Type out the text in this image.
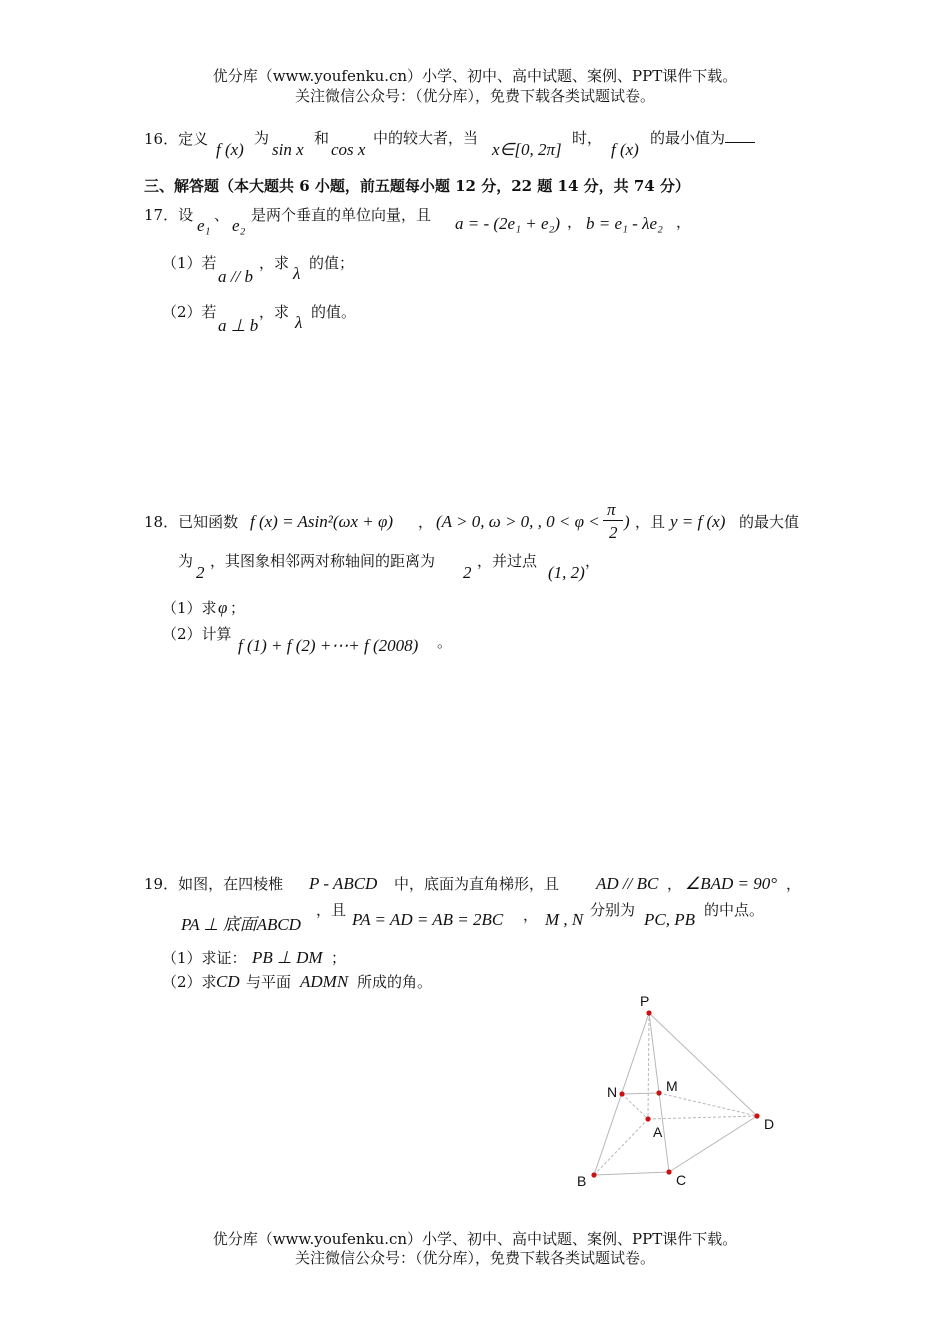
优分库（www.youfenku.cn）小学、初中、高中试题、案例、PPT课件下载。
关注微信公众号：（优分库），免费下载各类试题试卷。
16．定义
f (x)
为
sin x
和
cos x
中的较大者，当
x∈[0, 2π]
时，
f (x)
的最小值为
三、解答题（本大题共 6 小题，前五题每小题 12 分，22 题 14 分，共 74 分）
17．设
e₁
、
e₂
是两个垂直的单位向量，且 a = - (2e₁ + e₂) ， b = e₁ - λe₂ ，
（1）若
a // b
，求
λ
的值；
（2）若
a ⊥ b
，求
λ
的值。
18．已知函数 f (x) = Asin²(ωx + φ) ， (A > 0, ω > 0, , 0 < φ <
π
2
) ，且 y = f (x) 的最大值
为
2
，其图象相邻两对称轴间的距离为
2
，并过点
(1, 2)
，
（1）求 φ ；
（2）计算
f (1) + f (2) +⋯+ f (2008) 。
19．如图，在四棱椎 P - ABCD 中，底面为直角梯形，且 AD // BC ， ∠BAD = 90° ，
PA ⊥ 底面ABCD
，且 PA = AD = AB = 2BC ， M , N 分别为 PC, PB 的中点。
（1）求证： PB ⊥ DM ；
（2）求 CD 与平面 ADMN 所成的角。
P
M
N
A	D
B	C
优分库（www.youfenku.cn）小学、初中、高中试题、案例、PPT课件下载。
关注微信公众号：（优分库），免费下载各类试题试卷。
